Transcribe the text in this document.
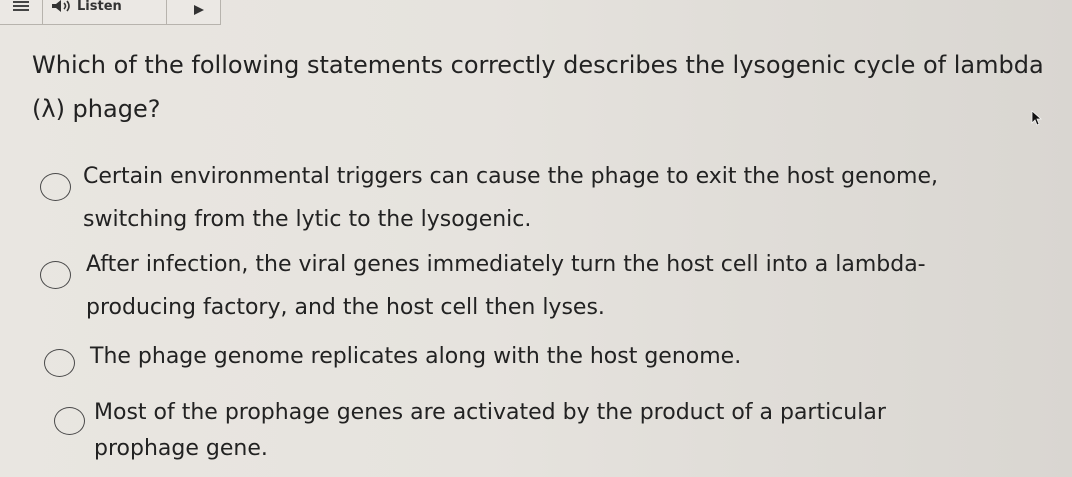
Listen
Which of the following statements correctly describes the lysogenic cycle of lambda (λ) phage?
Certain environmental triggers can cause the phage to exit the host genome,
switching from the lytic to the lysogenic.
After infection, the viral genes immediately turn the host cell into a lambda-
producing factory, and the host cell then lyses.
The phage genome replicates along with the host genome.
Most of the prophage genes are activated by the product of a particular
prophage gene.
